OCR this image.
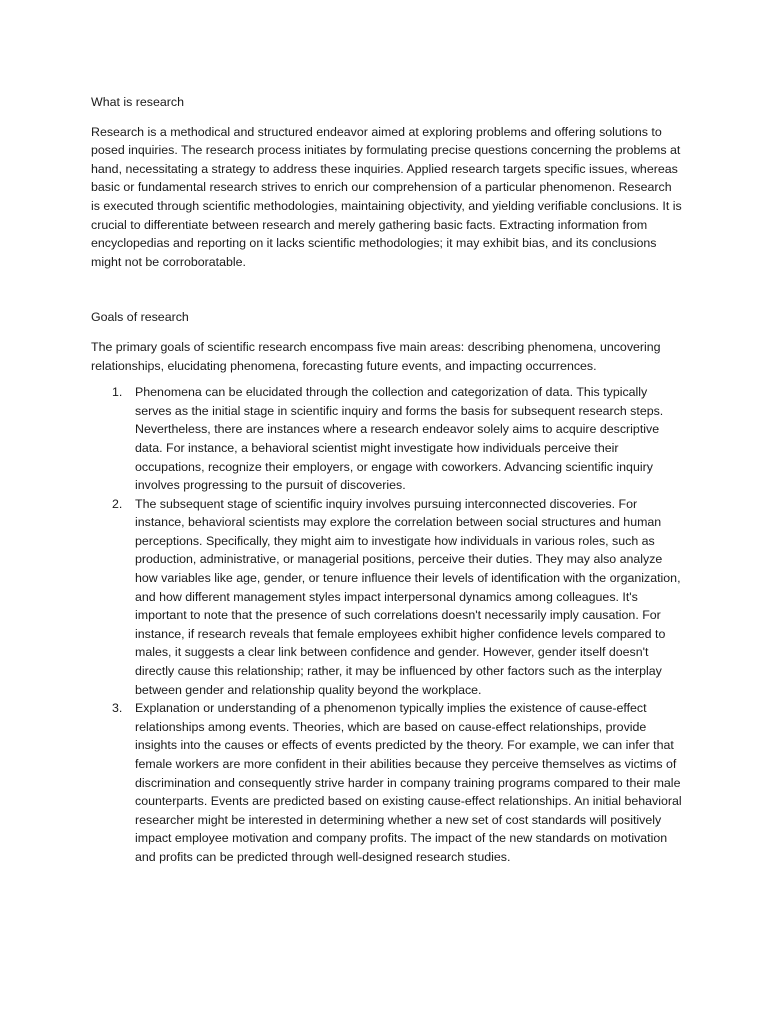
What is research

Research is a methodical and structured endeavor aimed at exploring problems and offering solutions to posed inquiries. The research process initiates by formulating precise questions concerning the problems at hand, necessitating a strategy to address these inquiries. Applied research targets specific issues, whereas basic or fundamental research strives to enrich our comprehension of a particular phenomenon. Research is executed through scientific methodologies, maintaining objectivity, and yielding verifiable conclusions. It is crucial to differentiate between research and merely gathering basic facts. Extracting information from encyclopedias and reporting on it lacks scientific methodologies; it may exhibit bias, and its conclusions might not be corroboratable.

Goals of research

The primary goals of scientific research encompass five main areas: describing phenomena, uncovering relationships, elucidating phenomena, forecasting future events, and impacting occurrences.

1. Phenomena can be elucidated through the collection and categorization of data. This typically serves as the initial stage in scientific inquiry and forms the basis for subsequent research steps. Nevertheless, there are instances where a research endeavor solely aims to acquire descriptive data. For instance, a behavioral scientist might investigate how individuals perceive their occupations, recognize their employers, or engage with coworkers. Advancing scientific inquiry involves progressing to the pursuit of discoveries.
2. The subsequent stage of scientific inquiry involves pursuing interconnected discoveries. For instance, behavioral scientists may explore the correlation between social structures and human perceptions. Specifically, they might aim to investigate how individuals in various roles, such as production, administrative, or managerial positions, perceive their duties. They may also analyze how variables like age, gender, or tenure influence their levels of identification with the organization, and how different management styles impact interpersonal dynamics among colleagues. It's important to note that the presence of such correlations doesn't necessarily imply causation. For instance, if research reveals that female employees exhibit higher confidence levels compared to males, it suggests a clear link between confidence and gender. However, gender itself doesn't directly cause this relationship; rather, it may be influenced by other factors such as the interplay between gender and relationship quality beyond the workplace.
3. Explanation or understanding of a phenomenon typically implies the existence of cause-effect relationships among events. Theories, which are based on cause-effect relationships, provide insights into the causes or effects of events predicted by the theory. For example, we can infer that female workers are more confident in their abilities because they perceive themselves as victims of discrimination and consequently strive harder in company training programs compared to their male counterparts. Events are predicted based on existing cause-effect relationships. An initial behavioral researcher might be interested in determining whether a new set of cost standards will positively impact employee motivation and company profits. The impact of the new standards on motivation and profits can be predicted through well-designed research studies.
